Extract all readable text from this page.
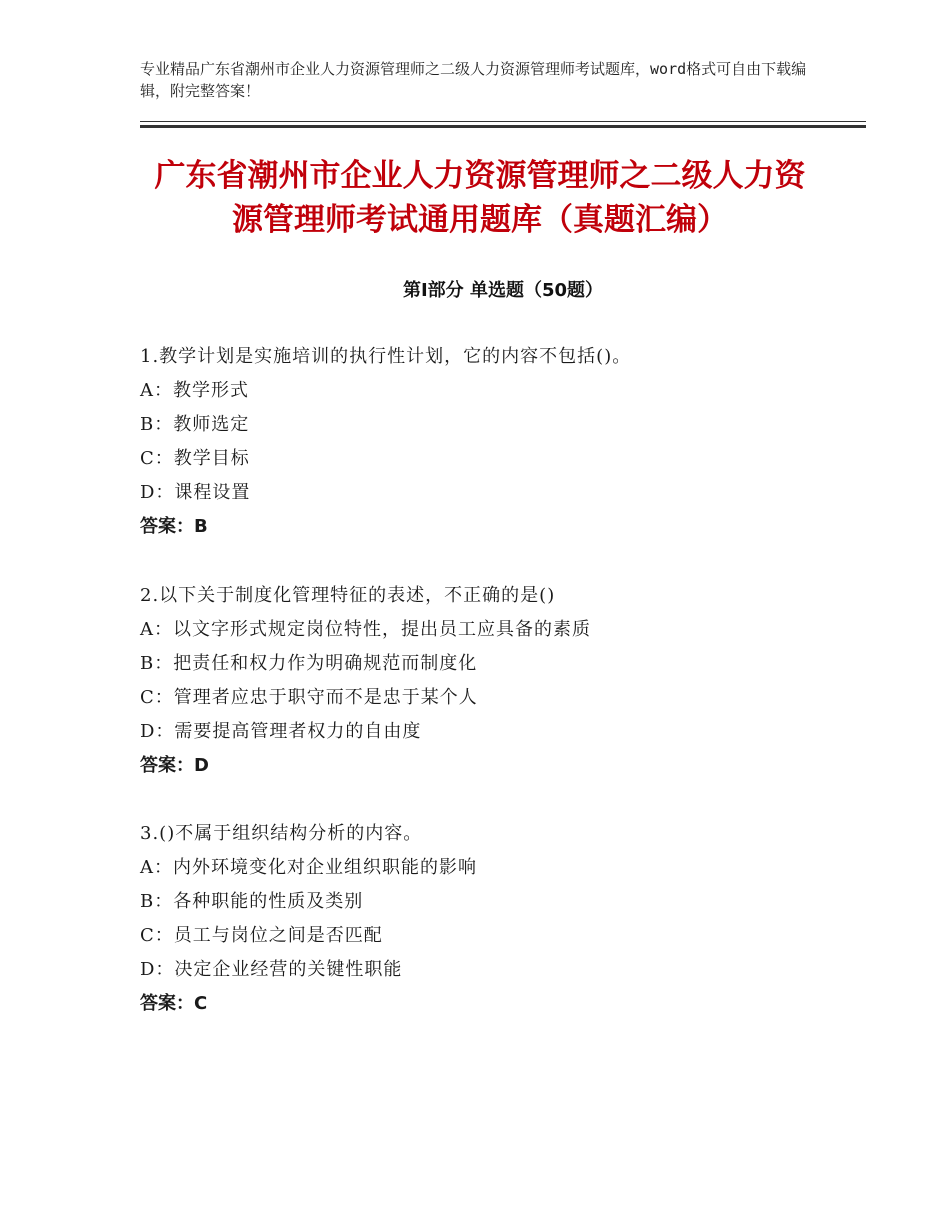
专业精品广东省潮州市企业人力资源管理师之二级人力资源管理师考试题库，word格式可自由下载编辑，附完整答案！
广东省潮州市企业人力资源管理师之二级人力资源管理师考试通用题库（真题汇编）
第Ⅰ部分 单选题（50题）
1.教学计划是实施培训的执行性计划，它的内容不包括()。
A：教学形式
B：教师选定
C：教学目标
D：课程设置
答案：B
2.以下关于制度化管理特征的表述，不正确的是()
A：以文字形式规定岗位特性，提出员工应具备的素质
B：把责任和权力作为明确规范而制度化
C：管理者应忠于职守而不是忠于某个人
D：需要提高管理者权力的自由度
答案：D
3.()不属于组织结构分析的内容。
A：内外环境变化对企业组织职能的影响
B：各种职能的性质及类别
C：员工与岗位之间是否匹配
D：决定企业经营的关键性职能
答案：C
